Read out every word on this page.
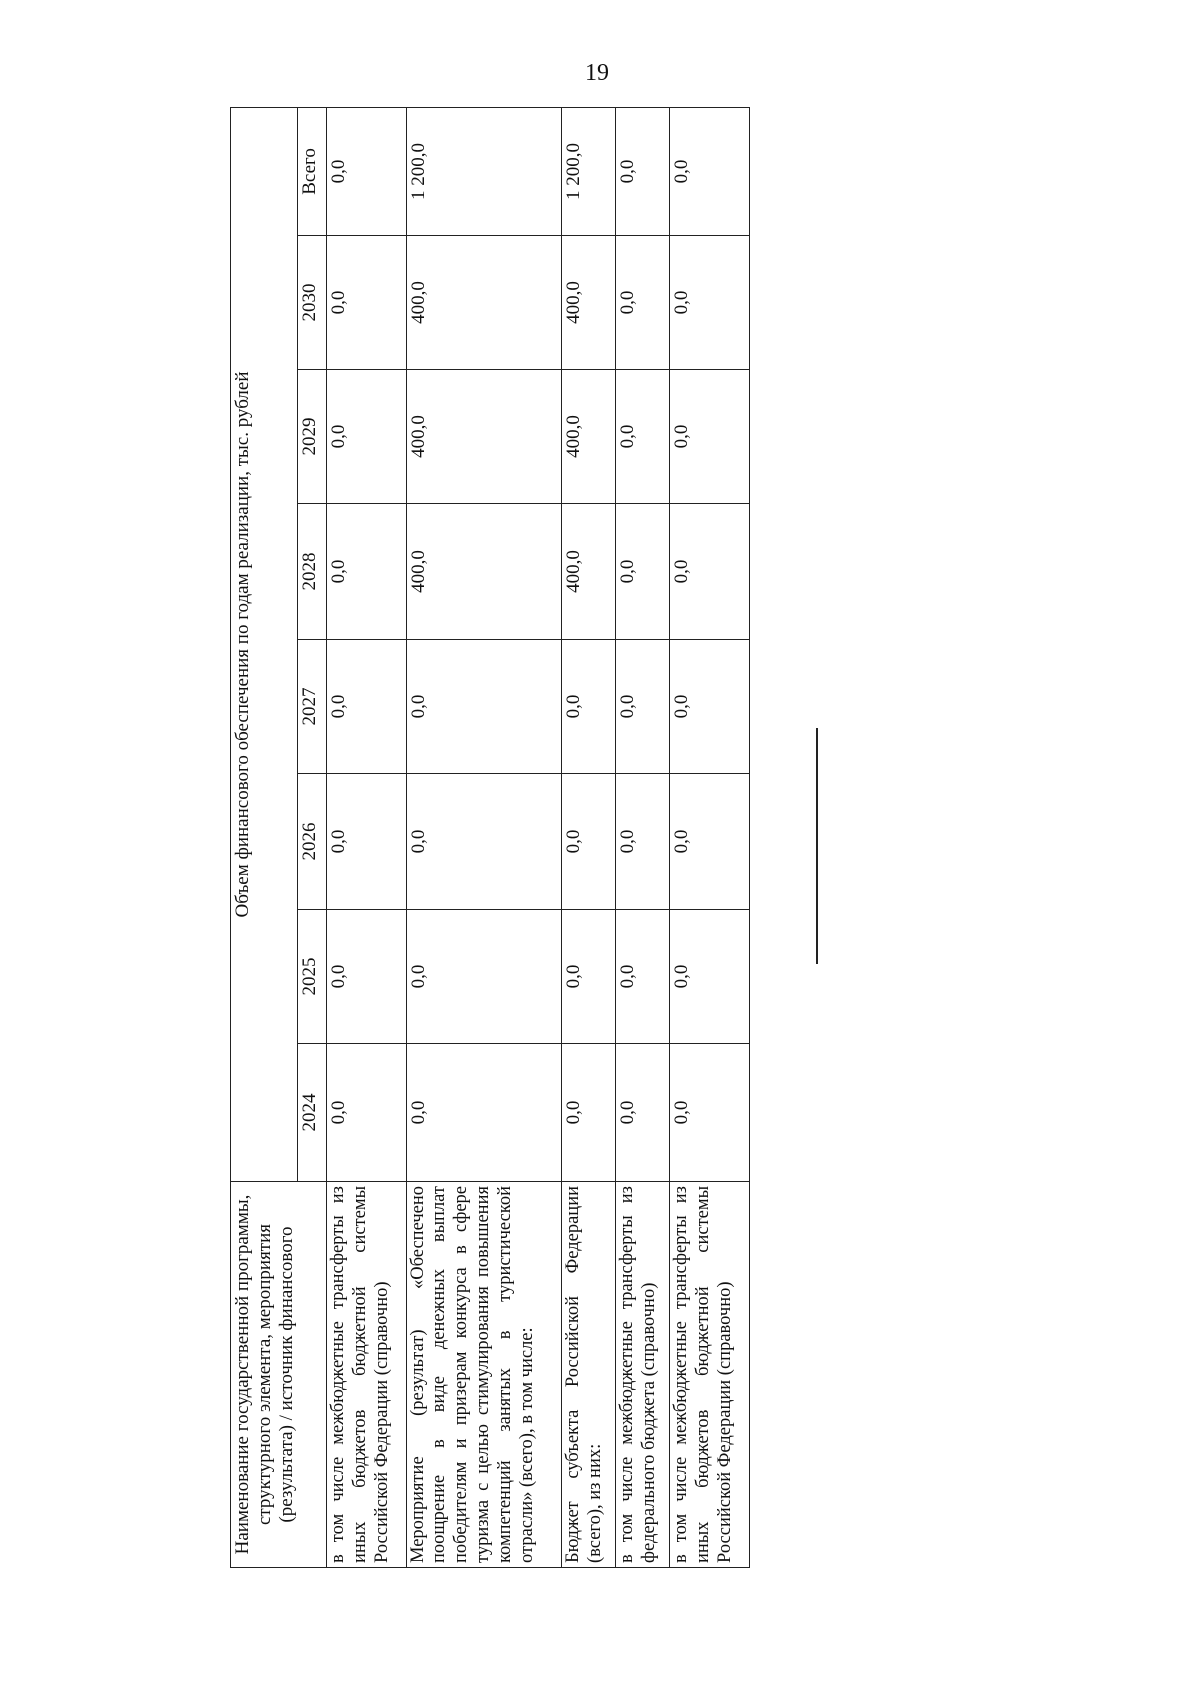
19
Наименование государственной программы, структурного элемента, мероприятия (результата) / источник финансового	Объем финансового обеспечения по годам реализации, тыс. рублей							
	2024	2025	2026	2027	2028	2029	2030	Всего
в том числе межбюджетные трансферты из иных бюджетов бюджетной системы Российской Федерации (справочно)	0,0	0,0	0,0	0,0	0,0	0,0	0,0	0,0
Мероприятие (результат) «Обеспечено поощрение в виде денежных выплат победителям и призерам конкурса в сфере туризма с целью стимулирования повышения компетенций занятых в туристической отрасли» (всего), в том числе:	0,0	0,0	0,0	0,0	400,0	400,0	400,0	1 200,0
Бюджет субъекта Российской Федерации (всего), из них:	0,0	0,0	0,0	0,0	400,0	400,0	400,0	1 200,0
в том числе межбюджетные трансферты из федерального бюджета (справочно)	0,0	0,0	0,0	0,0	0,0	0,0	0,0	0,0
в том числе межбюджетные трансферты из иных бюджетов бюджетной системы Российской Федерации (справочно)	0,0	0,0	0,0	0,0	0,0	0,0	0,0	0,0
